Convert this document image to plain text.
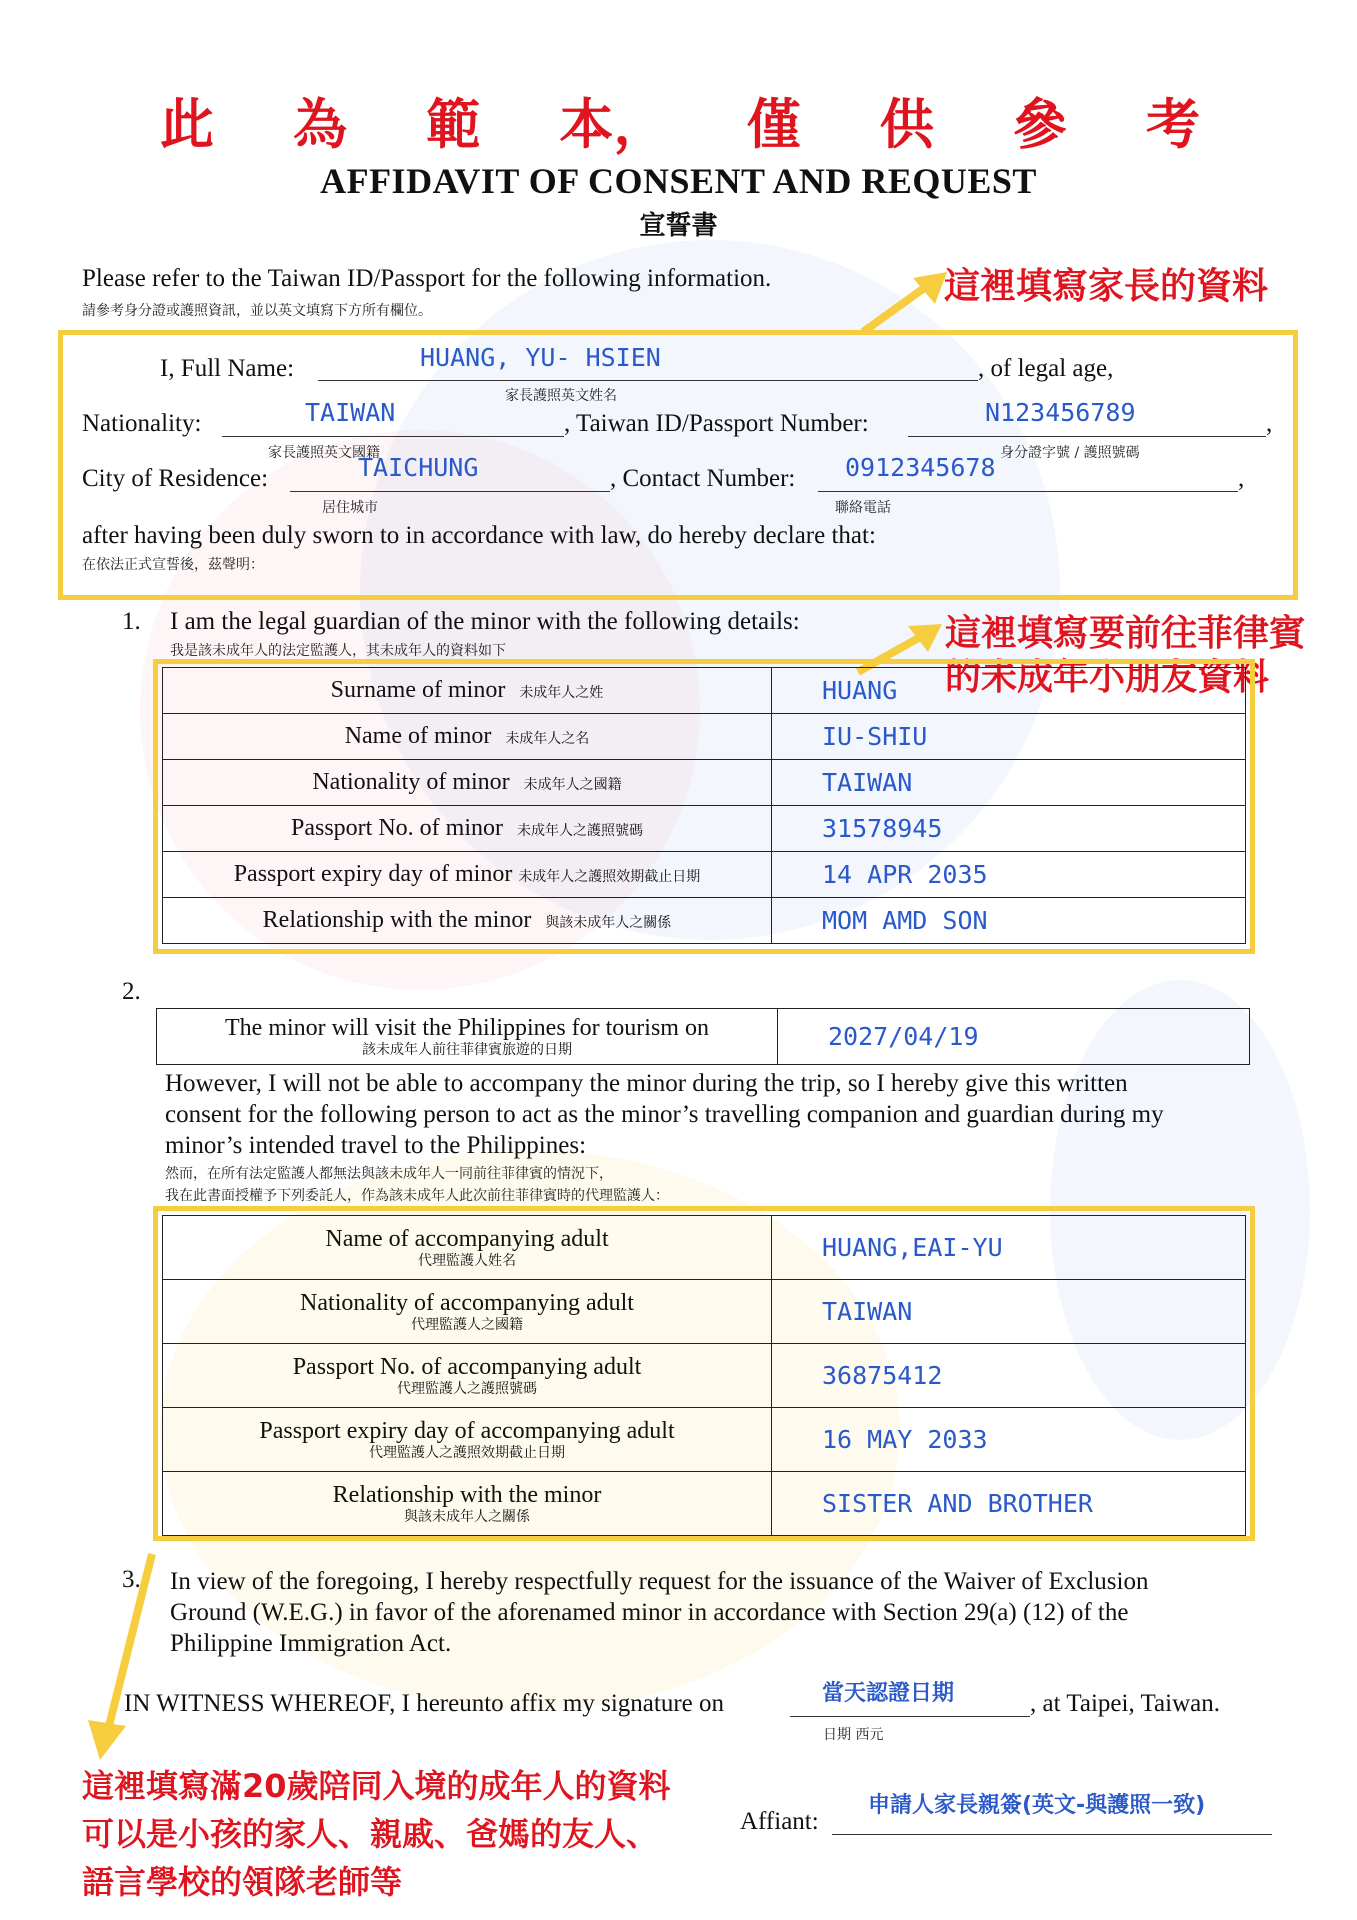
此 為 範 本， 僅 供 參 考
AFFIDAVIT OF CONSENT AND REQUEST
宣誓書
Please refer to the Taiwan ID/Passport for the following information.
請參考身分證或護照資訊，並以英文填寫下方所有欄位。
這裡填寫家長的資料
I, Full Name:	HUANG, YU- HSIEN
家長護照英文姓名
, of legal age,
Nationality:	TAIWAN
家長護照英文國籍
, Taiwan ID/Passport Number:	N123456789
身分證字號 / 護照號碼
,
City of Residence:	TAICHUNG
居住城市
, Contact Number: 0912345678
聯絡電話
,
after having been duly sworn to in accordance with law, do hereby declare that:
在依法正式宣誓後，茲聲明：
1. I am the legal guardian of the minor with the following details:
我是該未成年人的法定監護人，其未成年人的資料如下	這裡填寫要前往菲律賓
的未成年小朋友資料
Surname of minor 未成年人之姓	HUANG
Name of minor 未成年人之名	IU-SHIU
Nationality of minor 未成年人之國籍	TAIWAN
Passport No. of minor 未成年人之護照號碼	31578945
Passport expiry day of minor 未成年人之護照效期截止日期	14 APR 2035
Relationship with the minor 與該未成年人之關係	MOM AMD SON
2.
The minor will visit the Philippines for tourism on
該未成年人前往菲律賓旅遊的日期	2027/04/19
However, I will not be able to accompany the minor during the trip, so I hereby give this written
consent for the following person to act as the minor’s travelling companion and guardian during my
minor’s intended travel to the Philippines:
然而，在所有法定監護人都無法與該未成年人一同前往菲律賓的情況下，
我在此書面授權予下列委託人，作為該未成年人此次前往菲律賓時的代理監護人：
Name of accompanying adult
代理監護人姓名	HUANG,EAI-YU
Nationality of accompanying adult
代理監護人之國籍	TAIWAN
Passport No. of accompanying adult
代理監護人之護照號碼	36875412
Passport expiry day of accompanying adult
代理監護人之護照效期截止日期	16 MAY 2033
Relationship with the minor
與該未成年人之關係	SISTER AND BROTHER
3. In view of the foregoing, I hereby respectfully request for the issuance of the Waiver of Exclusion
Ground (W.E.G.) in favor of the aforenamed minor in accordance with Section 29(a) (12) of the
Philippine Immigration Act.
IN WITNESS WHEREOF, I hereunto affix my signature on	當天認證日期
日期 西元
, at Taipei, Taiwan.
這裡填寫滿20歲陪同入境的成年人的資料
可以是小孩的家人、親戚、爸媽的友人、
語言學校的領隊老師等
Affiant:
申請人家長親簽(英文-與護照一致)
